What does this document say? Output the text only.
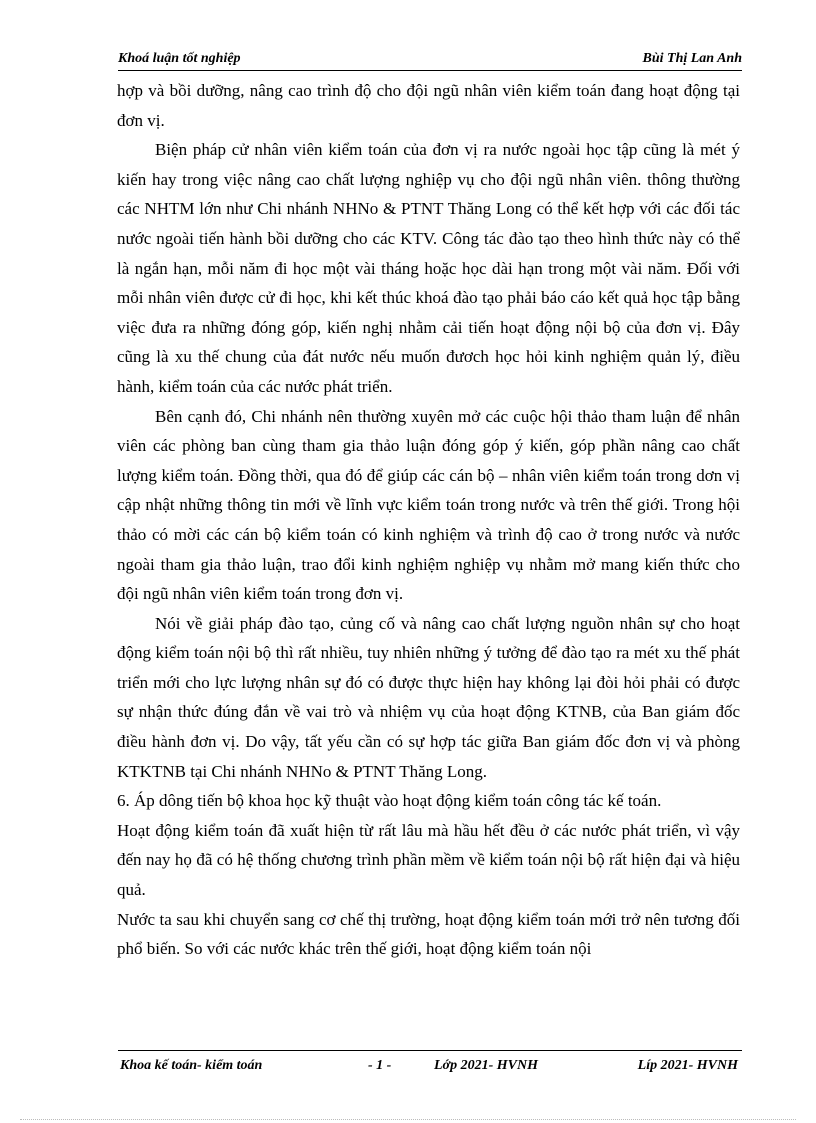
Khoá luận tốt nghiệp	Bùi Thị Lan Anh

hợp và bồi dưỡng, nâng cao trình độ cho đội ngũ nhân viên kiểm toán đang hoạt động tại đơn vị.

Biện pháp cử nhân viên kiểm toán của đơn vị ra nước ngoài học tập cũng là mét ý kiến hay trong việc nâng cao chất lượng nghiệp vụ cho đội ngũ nhân viên. thông thường các NHTM lớn như Chi nhánh NHNo & PTNT Thăng Long có thể kết hợp với các đối tác nước ngoài tiến hành bồi dưỡng cho các KTV. Công tác đào tạo theo hình thức này có thể là ngắn hạn, mỗi năm đi học một vài tháng hoặc học dài hạn trong một vài năm. Đối với mỗi nhân viên được cử đi học, khi kết thúc khoá đào tạo phải báo cáo kết quả học tập bằng việc đưa ra những đóng góp, kiến nghị nhằm cải tiến hoạt động nội bộ của đơn vị. Đây cũng là xu thế chung của đát nước nếu muốn đươch học hỏi kinh nghiệm quản lý, điều hành, kiểm toán của các nước phát triển.

Bên cạnh đó, Chi nhánh nên thường xuyên mở các cuộc hội thảo tham luận để nhân viên các phòng ban cùng tham gia thảo luận đóng góp ý kiến, góp phần nâng cao chất lượng kiểm toán. Đồng thời, qua đó để giúp các cán bộ – nhân viên kiểm toán trong dơn vị cập nhật những thông tin mới về lĩnh vực kiểm toán trong nước và trên thế giới. Trong hội thảo có mời các cán bộ kiểm toán có kinh nghiệm và trình độ cao ở trong nước và nước ngoài tham gia thảo luận, trao đổi kinh nghiệm nghiệp vụ nhằm mở mang kiến thức cho đội ngũ nhân viên kiểm toán trong đơn vị.

Nói về giải pháp đào tạo, củng cố và nâng cao chất lượng nguồn nhân sự cho hoạt động kiểm toán nội bộ thì rất nhiều, tuy nhiên những ý tưởng để đào tạo ra mét xu thế phát triển mới cho lực lượng nhân sự đó có được thực hiện hay không lại đòi hỏi phải có được sự nhận thức đúng đắn về vai trò và nhiệm vụ của hoạt động KTNB, của Ban giám đốc điều hành đơn vị. Do vậy, tất yếu cần có sự hợp tác giữa Ban giám đốc đơn vị và phòng KTKTNB tại Chi nhánh NHNo & PTNT Thăng Long.

6. Áp dông tiến bộ khoa học kỹ thuật vào hoạt động kiểm toán công tác kế toán.

Hoạt động kiểm toán đã xuất hiện từ rất lâu mà hầu hết đều ở các nước phát triển, vì vậy đến nay họ đã có hệ thống chương trình phần mềm về kiểm toán nội bộ rất hiện đại và hiệu quả.

Nước ta sau khi chuyển sang cơ chế thị trường, hoạt động kiểm toán mới trở nên tương đối phổ biến. So với các nước khác trên thế giới, hoạt động kiểm toán nội

Khoa kế toán- kiểm toán	- 1 -	Lớp 2021- HVNH	Líp 2021- HVNH
